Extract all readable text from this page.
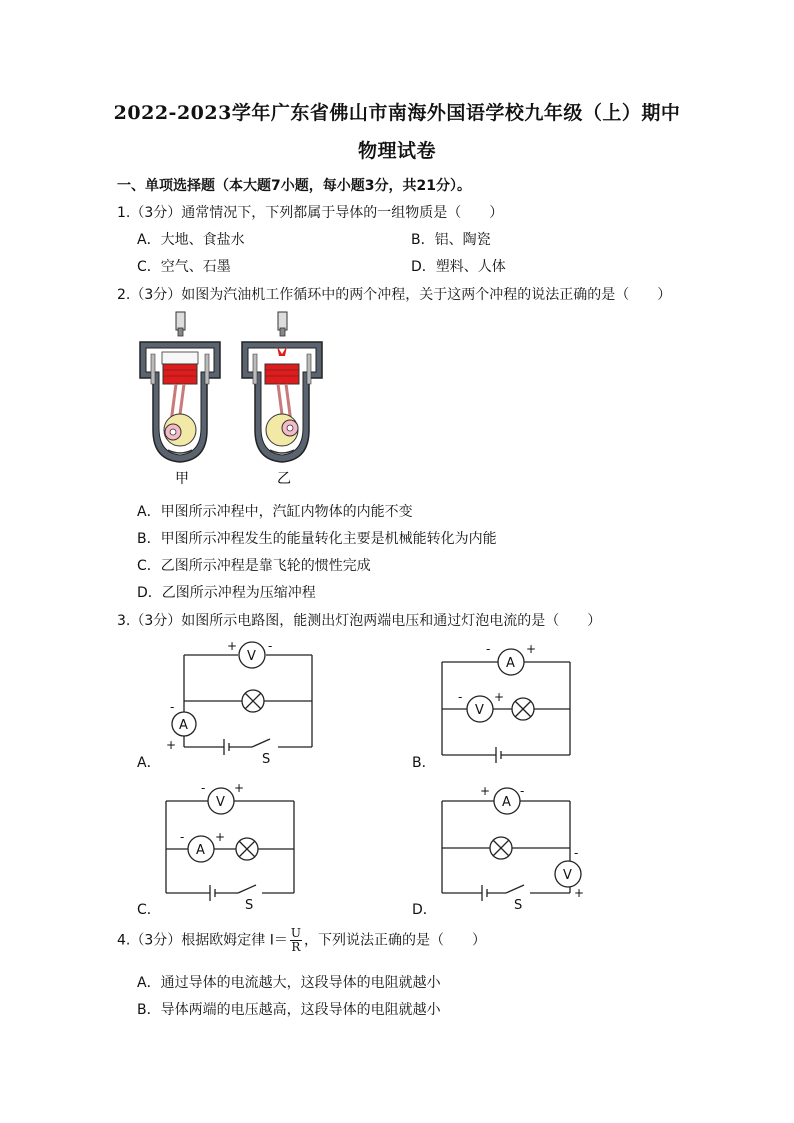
2022-2023学年广东省佛山市南海外国语学校九年级（上）期中
物理试卷
一、单项选择题（本大题7小题，每小题3分，共21分）。
1.（3分）通常情况下，下列都属于导体的一组物质是（　　）
A．大地、食盐水	B．铝、陶瓷
C．空气、石墨	D．塑料、人体
2.（3分）如图为汽油机工作循环中的两个冲程，关于这两个冲程的说法正确的是（　　）
甲	乙
A．甲图所示冲程中，汽缸内物体的内能不变
B．甲图所示冲程发生的能量转化主要是机械能转化为内能
C．乙图所示冲程是靠飞轮的惯性完成
D．乙图所示冲程为压缩冲程
3.（3分）如图所示电路图，能测出灯泡两端电压和通过灯泡电流的是（　　）
V
A
A
V
V
A
A
V
+	-
-
+
-	+
-	+
- +
-	+
+ -
-
+
S
S	S
A．	B．
C．	D．
4.（3分）根据欧姆定律 $I= \frac{U}{R}$ ，下列说法正确的是（　　）
A．通过导体的电流越大，这段导体的电阻就越小
B．导体两端的电压越高，这段导体的电阻就越小
